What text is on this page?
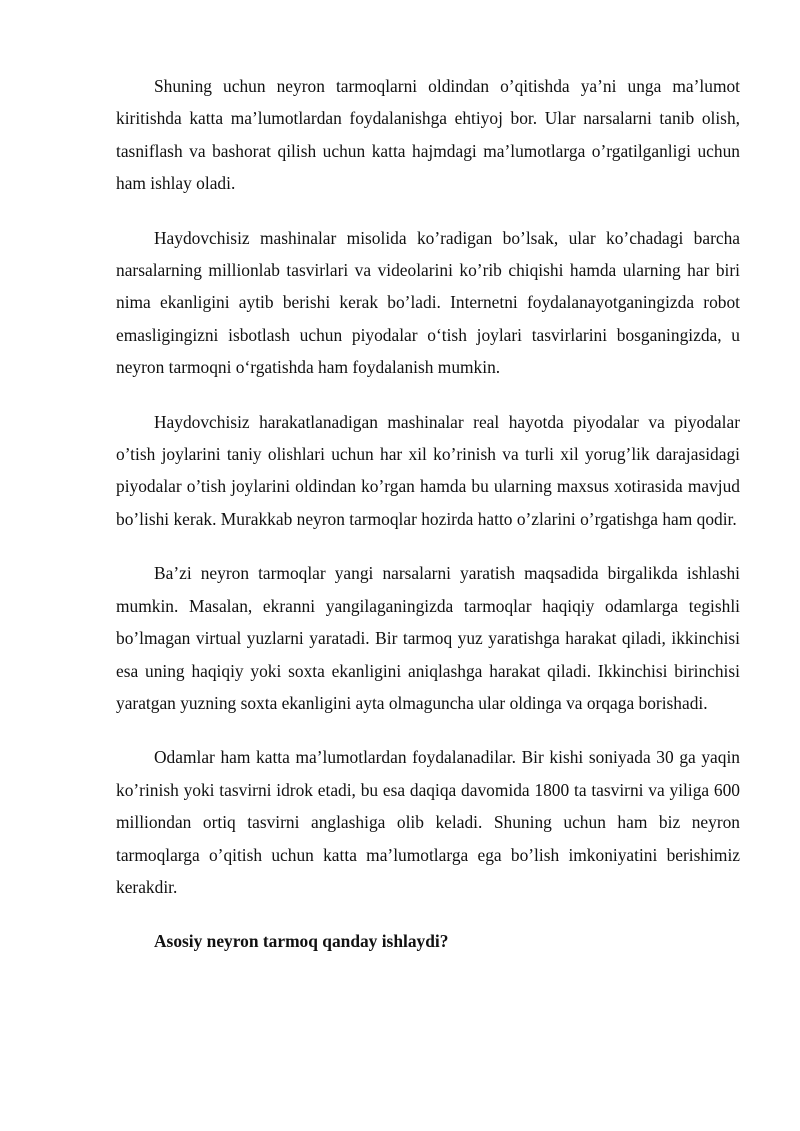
Shuning uchun neyron tarmoqlarni oldindan o’qitishda ya’ni unga ma’lumot kiritishda katta ma’lumotlardan foydalanishga ehtiyoj bor. Ular narsalarni tanib olish, tasniflash va bashorat qilish uchun katta hajmdagi ma’lumotlarga o’rgatilganligi uchun ham ishlay oladi.

Haydovchisiz mashinalar misolida ko’radigan bo’lsak, ular ko’chadagi barcha narsalarning millionlab tasvirlari va videolarini ko’rib chiqishi hamda ularning har biri nima ekanligini aytib berishi kerak bo’ladi. Internetni foydalanayotganingizda robot emasligingizni isbotlash uchun piyodalar o‘tish joylari tasvirlarini bosganingizda, u neyron tarmoqni o‘rgatishda ham foydalanish mumkin.

Haydovchisiz harakatlanadigan mashinalar real hayotda piyodalar va piyodalar o’tish joylarini taniy olishlari uchun har xil ko’rinish va turli xil yorug’lik darajasidagi piyodalar o’tish joylarini oldindan ko’rgan hamda bu ularning maxsus xotirasida mavjud bo’lishi kerak. Murakkab neyron tarmoqlar hozirda hatto o’zlarini o’rgatishga ham qodir.

Ba’zi neyron tarmoqlar yangi narsalarni yaratish maqsadida birgalikda ishlashi mumkin. Masalan, ekranni yangilaganingizda tarmoqlar haqiqiy odamlarga tegishli bo’lmagan virtual yuzlarni yaratadi. Bir tarmoq yuz yaratishga harakat qiladi, ikkinchisi esa uning haqiqiy yoki soxta ekanligini aniqlashga harakat qiladi. Ikkinchisi birinchisi yaratgan yuzning soxta ekanligini ayta olmaguncha ular oldinga va orqaga borishadi.

Odamlar ham katta ma’lumotlardan foydalanadilar. Bir kishi soniyada 30 ga yaqin ko’rinish yoki tasvirni idrok etadi, bu esa daqiqa davomida 1800 ta tasvirni va yiliga 600 milliondan ortiq tasvirni anglashiga olib keladi. Shuning uchun ham biz neyron tarmoqlarga o’qitish uchun katta ma’lumotlarga ega bo’lish imkoniyatini berishimiz kerakdir.

Asosiy neyron tarmoq qanday ishlaydi?
